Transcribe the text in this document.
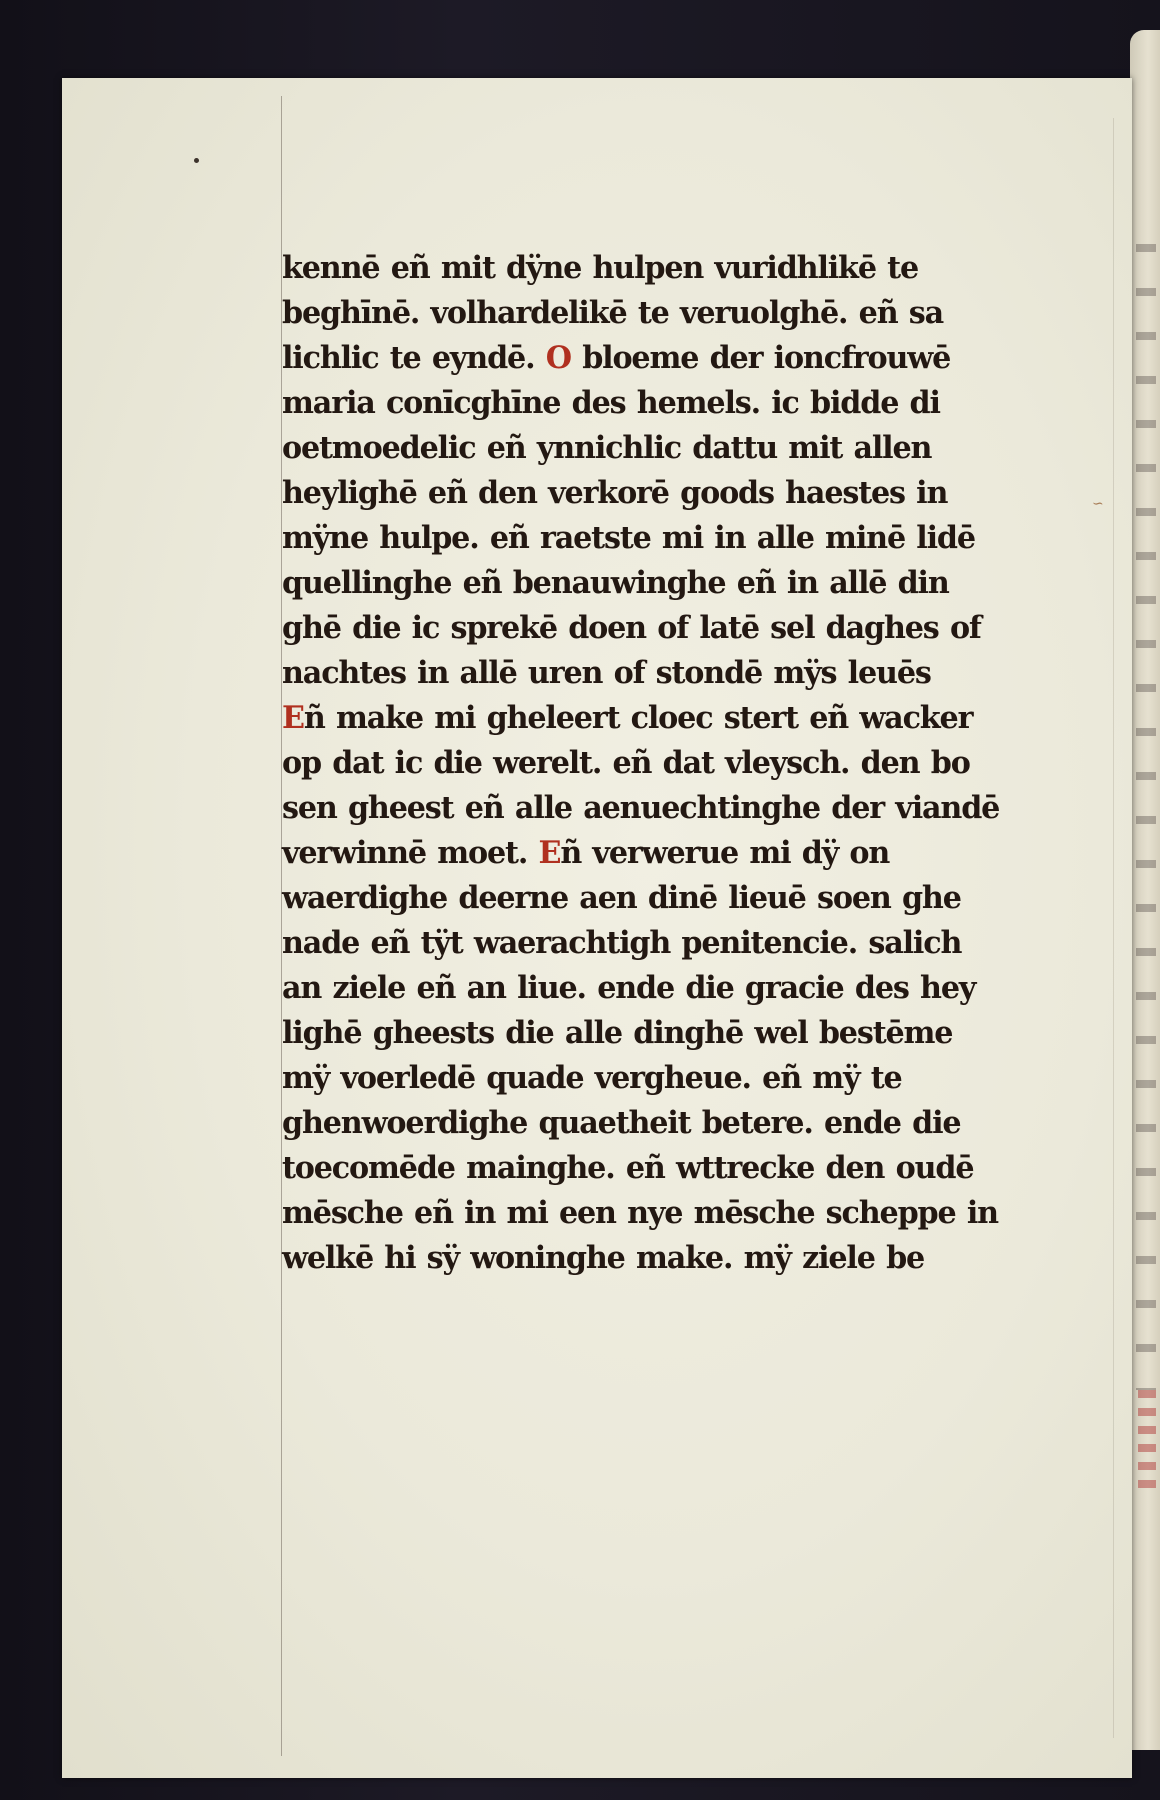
∽
kennē eñ mit dÿne hulpen vuridhlikē te
beghīnē. volhardelikē te veruolghē. eñ sa
lichlic te eyndē. O bloeme der ioncfrouwē
maria conīcghīne des hemels. ic bidde di
oetmoedelic eñ ynnichlic dattu mit allen
heylighē eñ den verkorē goods haestes in
mÿne hulpe. eñ raetste mi in alle minē lidē
quellinghe eñ benauwinghe eñ in allē din
ghē die ic sprekē doen of latē sel daghes of
nachtes in allē uren of stondē mÿs leuēs
Eñ make mi gheleert cloec stert eñ wacker
op dat ic die werelt. eñ dat vleysch. den bo
sen gheest eñ alle aenuechtinghe der viandē
verwinnē moet. Eñ verwerue mi dÿ on
waerdighe deerne aen dinē lieuē soen ghe
nade eñ tÿt waerachtigh penitencie. salich
an ziele eñ an liue. ende die gracie des hey
lighē gheests die alle dinghē wel bestēme
mÿ voerledē quade vergheue. eñ mÿ te
ghenwoerdighe quaetheit betere. ende die
toecomēde mainghe. eñ wttrecke den oudē
mēsche eñ in mi een nye mēsche scheppe in
welkē hi sÿ woninghe make. mÿ ziele be
